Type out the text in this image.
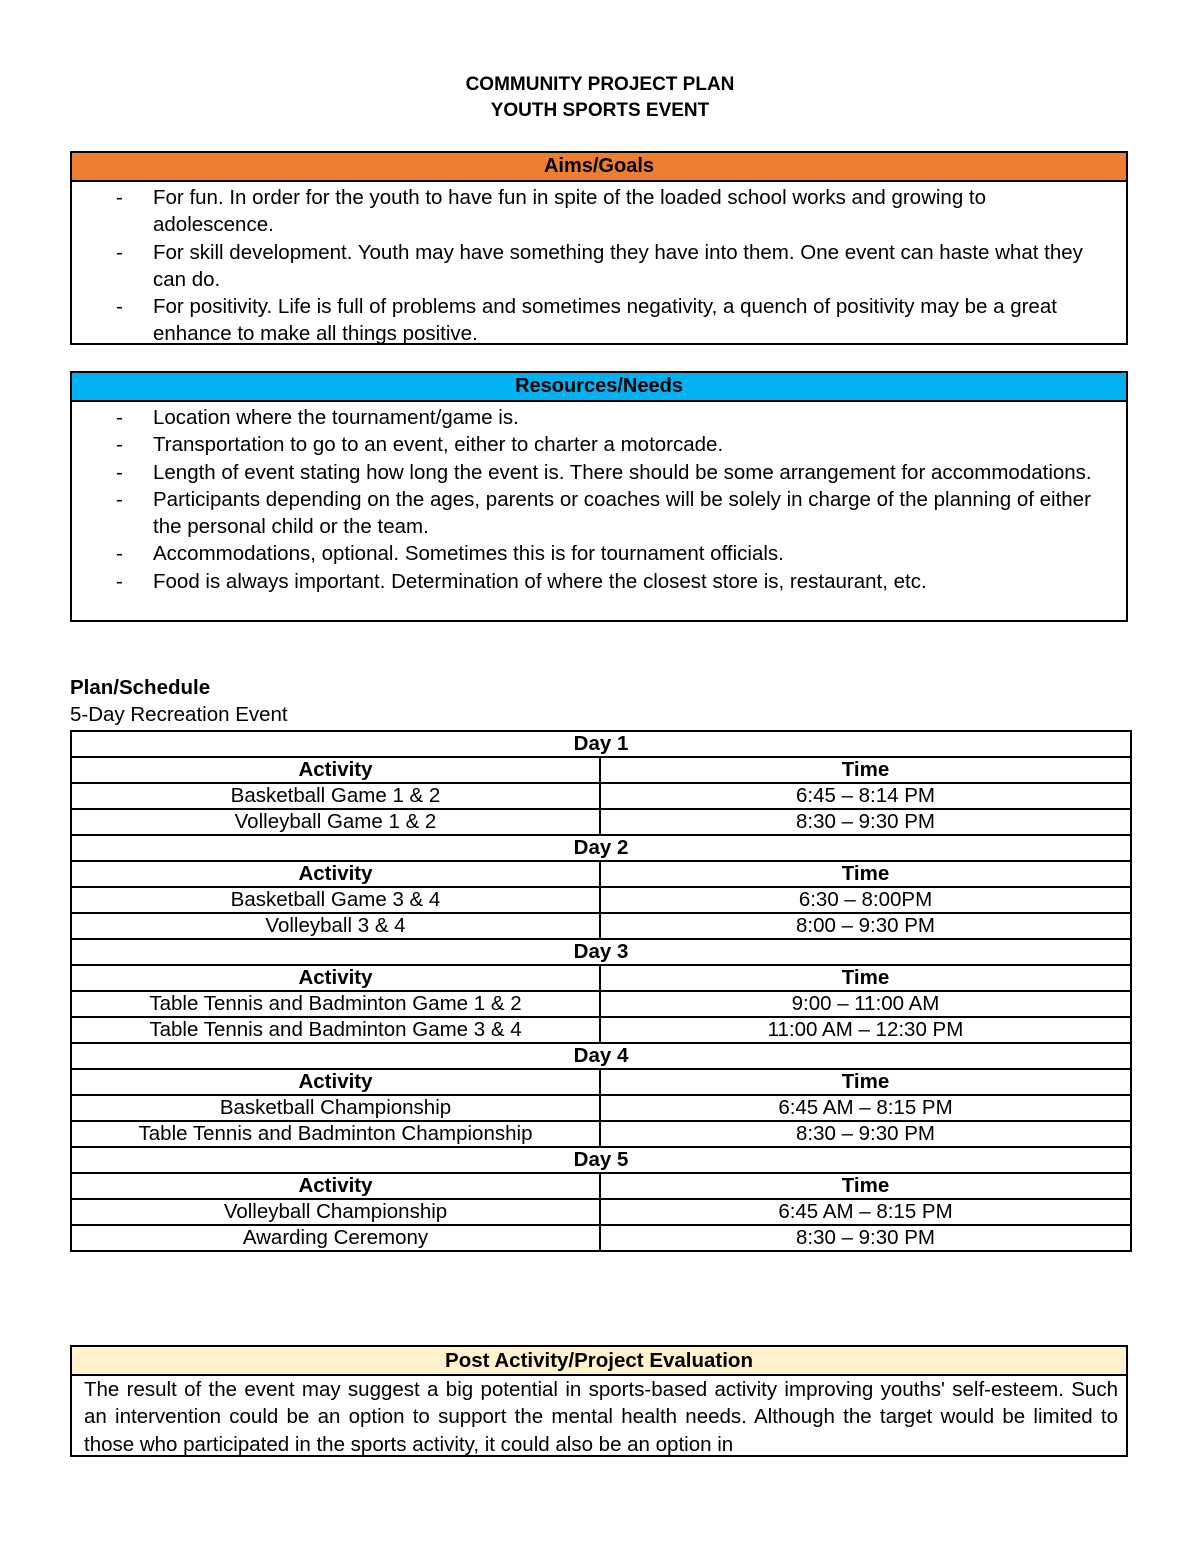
COMMUNITY PROJECT PLAN
YOUTH SPORTS EVENT
Aims/Goals
- For fun. In order for the youth to have fun in spite of the loaded school works and growing to adolescence.
- For skill development. Youth may have something they have into them. One event can haste what they can do.
- For positivity. Life is full of problems and sometimes negativity, a quench of positivity may be a great enhance to make all things positive.
Resources/Needs
- Location where the tournament/game is.
- Transportation to go to an event, either to charter a motorcade.
- Length of event stating how long the event is. There should be some arrangement for accommodations.
- Participants depending on the ages, parents or coaches will be solely in charge of the planning of either the personal child or the team.
- Accommodations, optional. Sometimes this is for tournament officials.
- Food is always important. Determination of where the closest store is, restaurant, etc.
Plan/Schedule
5-Day Recreation Event
Day 1	
Activity	Time
Basketball Game 1 & 2	6:45 – 8:14 PM
Volleyball Game 1 & 2	8:30 – 9:30 PM
Day 2	
Activity	Time
Basketball Game 3 & 4	6:30 – 8:00PM
Volleyball 3 & 4	8:00 – 9:30 PM
Day 3	
Activity	Time
Table Tennis and Badminton Game 1 & 2	9:00 – 11:00 AM
Table Tennis and Badminton Game 3 & 4	11:00 AM – 12:30 PM
Day 4	
Activity	Time
Basketball Championship	6:45 AM – 8:15 PM
Table Tennis and Badminton Championship	8:30 – 9:30 PM
Day 5	
Activity	Time
Volleyball Championship	6:45 AM – 8:15 PM
Awarding Ceremony	8:30 – 9:30 PM
Post Activity/Project Evaluation
The result of the event may suggest a big potential in sports-based activity improving youths' self-esteem. Such an intervention could be an option to support the mental health needs. Although the target would be limited to those who participated in the sports activity, it could also be an option in
